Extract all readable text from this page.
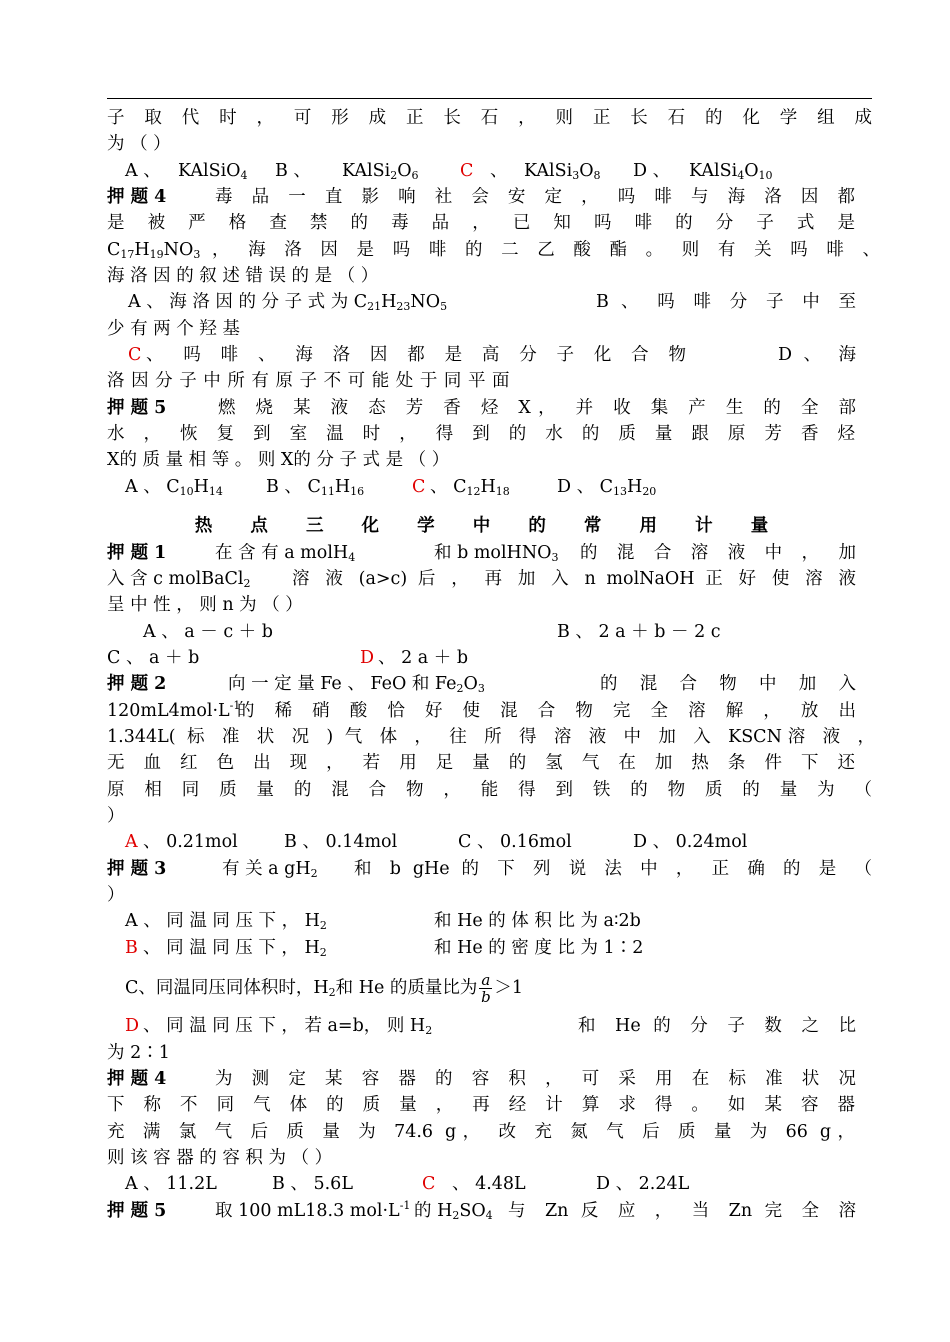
子 取 代 时 ， 可 形 成 正 长 石 ， 则 正 长 石 的 化 学 组 成
为 （ ）
A 、 KAlSiO$_4$ B 、 $KAlSi_2O_6$ C 、 $KAlSi_3O_8$ D 、 $KAlSi_4O_{10}$
押 题 4	毒 品 一 直 影 响 社 会 安 定 ， 吗 啡 与 海 洛 因 都
是 被 严 格 查 禁 的 毒 品 ， 已 知 吗 啡 的 分 子 式 是
$C_{17}H_{19}NO_3$ ， 海 洛 因 是 吗 啡 的 二 乙 酸 酯 。 则 有 关 吗 啡 、
海 洛 因 的 叙 述 错 误 的 是 （ ）
A 、 海 洛 因 的 分 子 式 为 $C_{21}H_{23}NO_5$	B 、 吗 啡 分 子 中 至
少 有 两 个 羟 基
C 、 吗 啡 、 海 洛 因 都 是 高 分 子 化 合 物	D 、 海
洛 因 分 子 中 所 有 原 子 不 可 能 处 于 同 平 面
押 题 5	燃 烧 某 液 态 芳 香 烃 X， 并 收 集 产 生 的 全 部
水 ， 恢 复 到 室 温 时 ， 得 到 的 水 的 质 量 跟 原 芳 香 烃
X的 质 量 相 等 。 则 X的 分 子 式 是 （ ）
A 、 $C_{10}H_{14}$ B 、 $C_{11}H_{16}$	C 、 $C_{12}H_{18}$	D 、 $C_{13}H_{20}$
热 点 三 化 学 中 的 常 用 计 量
押 题 1	在 含 有 a molH$_4$	和 b molHNO$_3$ 的 混 合 溶 液 中 ， 加
入 含 c molBaCl$_2$ 溶 液 (a>c) 后 ， 再 加 入 n molNaOH 正 好 使 溶 液
呈 中 性 ， 则 n 为 （ ）
A 、 a － c ＋ b	B 、 2 a ＋ b － 2 c
C 、 a ＋ b	D 、 2 a ＋ b
押 题 2	向 一 定 量 Fe 、 FeO 和 $Fe_2O_3$	的 混 合 物 中 加 入
$120mL4mol\cdot L^{-1}$
的 稀 硝 酸 恰 好 使 混 合 物 完 全 溶 解 ， 放 出
1.344L( 标 准 状 况 ) 气 体 ， 往 所 得 溶 液 中 加 入 KSCN溶 液 ，
无 血 红 色 出 现 ， 若 用 足 量 的 氢 气 在 加 热 条 件 下 还
原 相 同 质 量 的 混 合 物 ， 能 得 到 铁 的 物 质 的 量 为 （
）
A 、 0.21mol	B 、 0.14mol	C 、 0.16mol	D 、 0.24mol
押 题 3	有 关 a $gH_2$ 和 b gHe 的 下 列 说 法 中 ， 正 确 的 是 （
）
A 、 同 温 同 压 下 ， $H_2$	和 He 的 体 积 比 为 a∶2b
B 、 同 温 同 压 下 ， $H_2$	和 He 的 密 度 比 为 1∶2
C、同温同压同体积时，$H_2$和 He 的质量比为 $\frac{a}{b} >1$
D 、 同 温 同 压 下 ， 若 a=b， 则 $H_2$	和 He 的 分 子 数 之 比
为 2∶1
押 题 4	为 测 定 某 容 器 的 容 积 ， 可 采 用 在 标 准 状 况
下 称 不 同 气 体 的 质 量 ， 再 经 计 算 求 得 。 如 某 容 器
充 满 氯 气 后 质 量 为 74.6 g， 改 充 氮 气 后 质 量 为 66 g，
则 该 容 器 的 容 积 为 （ ）
A 、 11.2L	B 、 5.6L	C 、 4.48L	D 、 2.24L
押 题 5	取 100 mL18.3 $mol\cdot L^{-1}$ 的 $H_2SO_4$ 与 Zn 反 应 ， 当 Zn 完 全 溶
